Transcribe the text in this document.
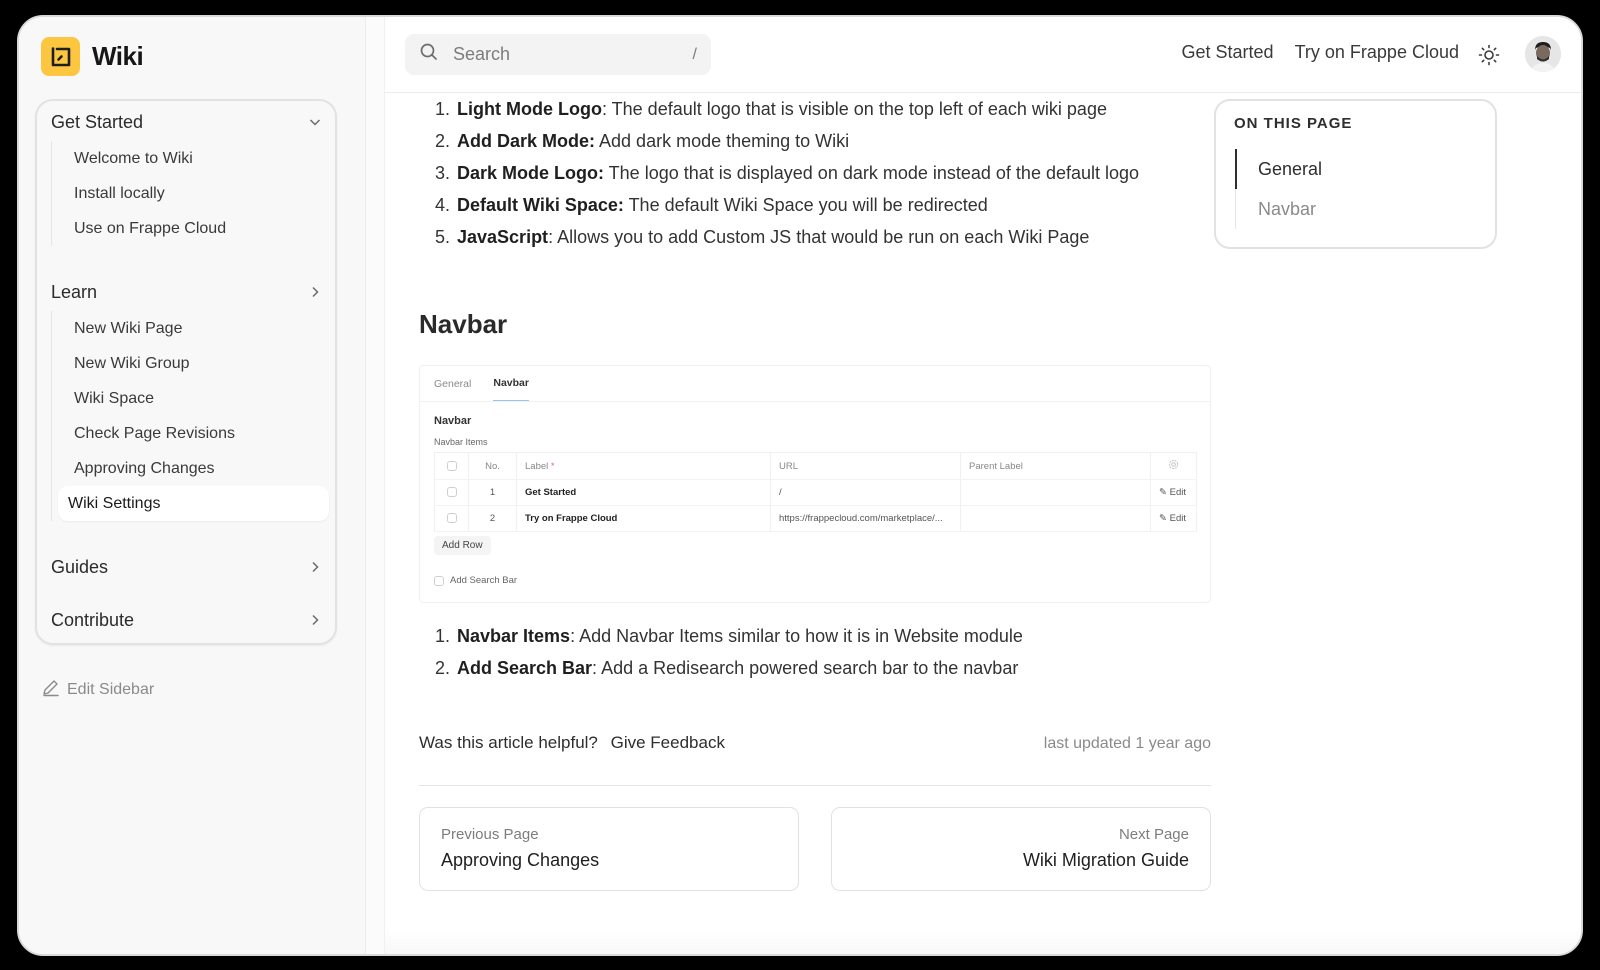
Wiki
Get Started
Welcome to Wiki
Install locally
Use on Frappe Cloud
Learn
New Wiki Page
New Wiki Group
Wiki Space
Check Page Revisions
Approving Changes
Wiki Settings
Guides
Contribute
Edit Sidebar
Search	/	Get Started Try on Frappe Cloud
1. Light Mode Logo: The default logo that is visible on the top left of each wiki page
2. Add Dark Mode: Add dark mode theming to Wiki
3. Dark Mode Logo: The logo that is displayed on dark mode instead of the default logo
4. Default Wiki Space: The default Wiki Space you will be redirected
5. JavaScript: Allows you to add Custom JS that would be run on each Wiki Page
Navbar
General Navbar
Navbar
Navbar Items
	No.	Label *	URL	Parent Label	
	1	Get Started	/		✎ Edit
	2	Try on Frappe Cloud	https://frappecloud.com/marketplace/...		✎ Edit
Add Row
Add Search Bar
1. Navbar Items: Add Navbar Items similar to how it is in Website module
2. Add Search Bar: Add a Redisearch powered search bar to the navbar
Was this article helpful? Give Feedback	last updated 1 year ago
Previous Page
Approving Changes
Next Page
Wiki Migration Guide
ON THIS PAGE
General
Navbar
